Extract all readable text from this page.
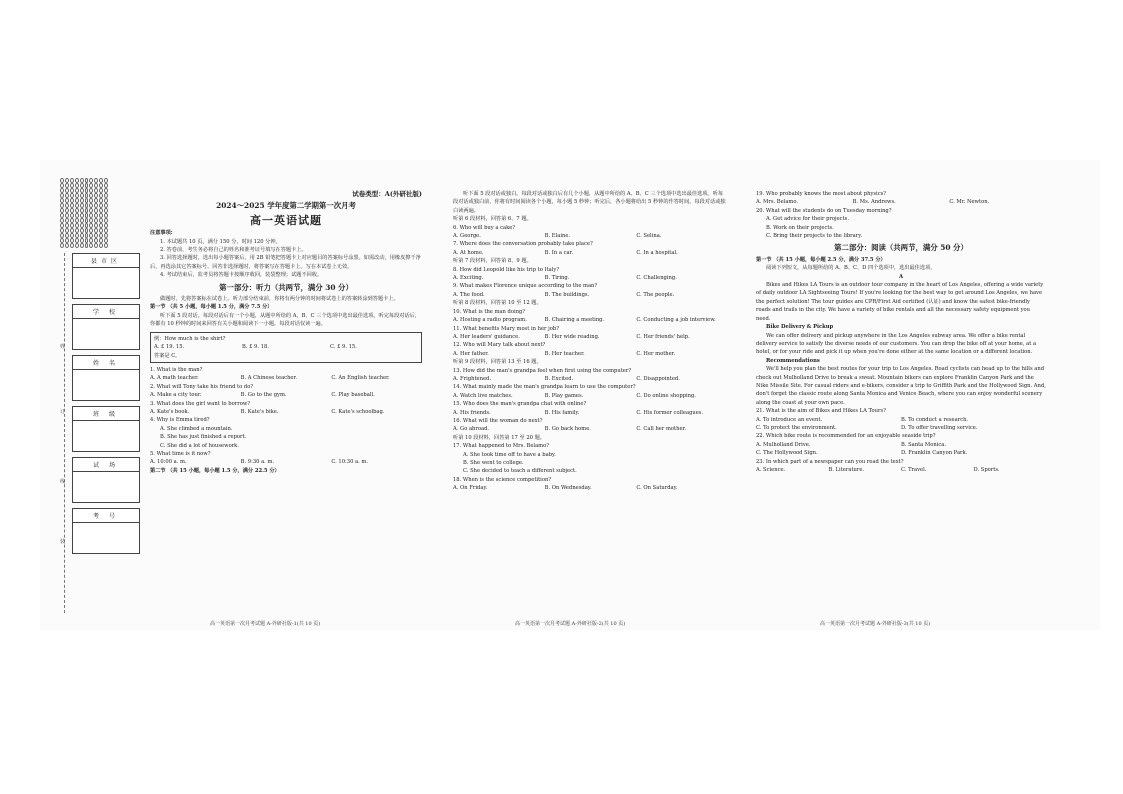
姓
订
线
装
县市区
学 校
姓 名
班 级
试 场
考 号

试卷类型：A(外研社版)

2024～2025 学年度第二学期第一次月考

高一英语试题

注意事项:

1. 本试题共 10 页，满分 150 分，时间 120 分钟。

2. 答卷前，考生务必将自己的姓名和准考证号填写在答题卡上。

3. 回答选择题时，选出每小题答案后，用 2B 铅笔把答题卡上对应题目的答案标号涂黑。如需改动，用橡皮擦干净后，再选涂其它答案标号。回答非选择题时，将答案写在答题卡上。写在本试卷上无效。

4. 考试结束后，监考员将答题卡按顺序收回，装袋整理；试题不回收。

第一部分：听力（共两节，满分 30 分）

做题时，先将答案标在试卷上。听力部分结束前，你将有两分钟的时间将试卷上的答案转涂到答题卡上。

第一节 （共 5 小题，每小题 1.5 分，满分 7.5 分）

听下面 5 段对话。每段对话后有一个小题，从题中所给的 A、B、C 三个选项中选出最佳选项。听完每段对话后，你都有 10 秒钟的时间来回答有关小题和阅读下一小题。每段对话仅读一遍。

例：How much is the shirt?

A. £ 19. 15.	B. £ 9. 18.	C. £ 9. 15.

答案是 C。

1. What is the man?

A. A math teacher.	B. A Chinese teacher.	C. An English teacher.

2. What will Tony take his friend to do?

A. Make a city tour.	B. Go to the gym.	C. Play baseball.

3. What does the girl want to borrow?

A. Kate's book.	B. Kate's bike.	C. Kate's schoolbag.

4. Why is Emma tired?

A. She climbed a mountain.

B. She has just finished a report.

C. She did a lot of housework.

5. What time is it now?

A. 10:00 a. m.	B. 9:30 a. m.	C. 10:30 a. m.

第二节 （共 15 小题，每小题 1.5 分，满分 22.5 分）

听下面 5 段对话或独白。每段对话或独白后有几个小题，从题中所给的 A、B、C 三个选项中选出最佳选项。听每段对话或独白前，你将有时间阅读各个小题，每小题 5 秒钟；听完后，各小题将给出 5 秒钟的作答时间。每段对话或独白读两遍。

听第 6 段材料，回答第 6、7 题。

6. Who will buy a cake?

A. George.	B. Elaine.	C. Selina.

7. Where does the conversation probably take place?

A. At home.	B. In a car.	C. In a hospital.

听第 7 段材料，回答第 8、9 题。

8. How did Leopold like his trip to Italy?

A. Exciting.	B. Tiring.	C. Challenging.

9. What makes Florence unique according to the man?

A. The food.	B. The buildings.	C. The people.

听第 8 段材料，回答第 10 至 12 题。

10. What is the man doing?

A. Hosting a radio program.	B. Chairing a meeting.	C. Conducting a job interview.

11. What benefits Mary most in her job?

A. Her leaders' guidance.	B. Her wide reading.	C. Her friends' help.

12. Who will Mary talk about next?

A. Her father.	B. Her teacher.	C. Her mother.

听第 9 段材料，回答第 13 至 16 题。

13. How did the man's grandpa feel when first using the computer?

A. Frightened.	B. Excited.	C. Disappointed.

14. What mainly made the man's grandpa learn to use the computer?

A. Watch live matches.	B. Play games.	C. Do online shopping.

15. Who does the man's grandpa chat with online?

A. His friends.	B. His family.	C. His former colleagues.

16. What will the woman do next?

A. Go abroad.	B. Go back home.	C. Call her mother.

听第 10 段材料，回答第 17 至 20 题。

17. What happened to Mrs. Belamo?

A. She took time off to have a baby.

B. She went to college.

C. She decided to teach a different subject.

18. When is the science competition?

A. On Friday.	B. On Wednesday.	C. On Saturday.

19. Who probably knows the most about physics?

A. Mrs. Belamo.	B. Ms. Andrews.	C. Mr. Newton.

20. What will the students do on Tuesday morning?

A. Get advice for their projects.

B. Work on their projects.

C. Bring their projects to the library.

第二部分：阅读（共两节，满分 50 分）

第一节 （共 15 小题，每小题 2.5 分，满分 37.5 分）

阅读下列短文，从每题所给的 A、B、C、D 四个选项中，选出最佳选项。

A

Bikes and Hikes LA Tours is an outdoor tour company in the heart of Los Angeles, offering a wide variety of daily outdoor LA Sightseeing Tours! If you're looking for the best way to get around Los Angeles, we have the perfect solution! The tour guides are CPR/First Aid certified (认证) and know the safest bike-friendly roads and trails in the city. We have a variety of bike rentals and all the necessary safety equipment you need.

Bike Delivery & Pickup

We can offer delivery and pickup anywhere in the Los Angeles subway area. We offer a bike rental delivery service to satisfy the diverse needs of our customers. You can drop the bike off at your home, at a hotel, or for your ride and pick it up when you're done either at the same location or a different location.

Recommendations

We'll help you plan the best routes for your trip to Los Angeles. Road cyclists can head up to the hills and check out Mulholland Drive to break a sweat. Mountain bikers can explore Franklin Canyon Park and the Nike Missile Site. For casual riders and e-bikers, consider a trip to Griffith Park and the Hollywood Sign. And, don't forget the classic route along Santa Monica and Venice Beach, where you can enjoy wonderful scenery along the coast at your own pace.

21. What is the aim of Bikes and Hikes LA Tours?

A. To introduce an event.	B. To conduct a research.
C. To protect the environment.	D. To offer travelling service.

22. Which bike route is recommended for an enjoyable seaside trip?

A. Mulholland Drive.	B. Santa Monica.
C. The Hollywood Sign.	D. Franklin Canyon Park.

23. In which part of a newspaper can you read the text?

A. Science.	B. Literature.	C. Travel.	D. Sports.
高一英语第一次月考试题 A-外研社版-1(共 10 页)	高一英语第一次月考试题 A-外研社版-2(共 10 页)	高一英语第一次月考试题 A-外研社版-3(共 10 页)
